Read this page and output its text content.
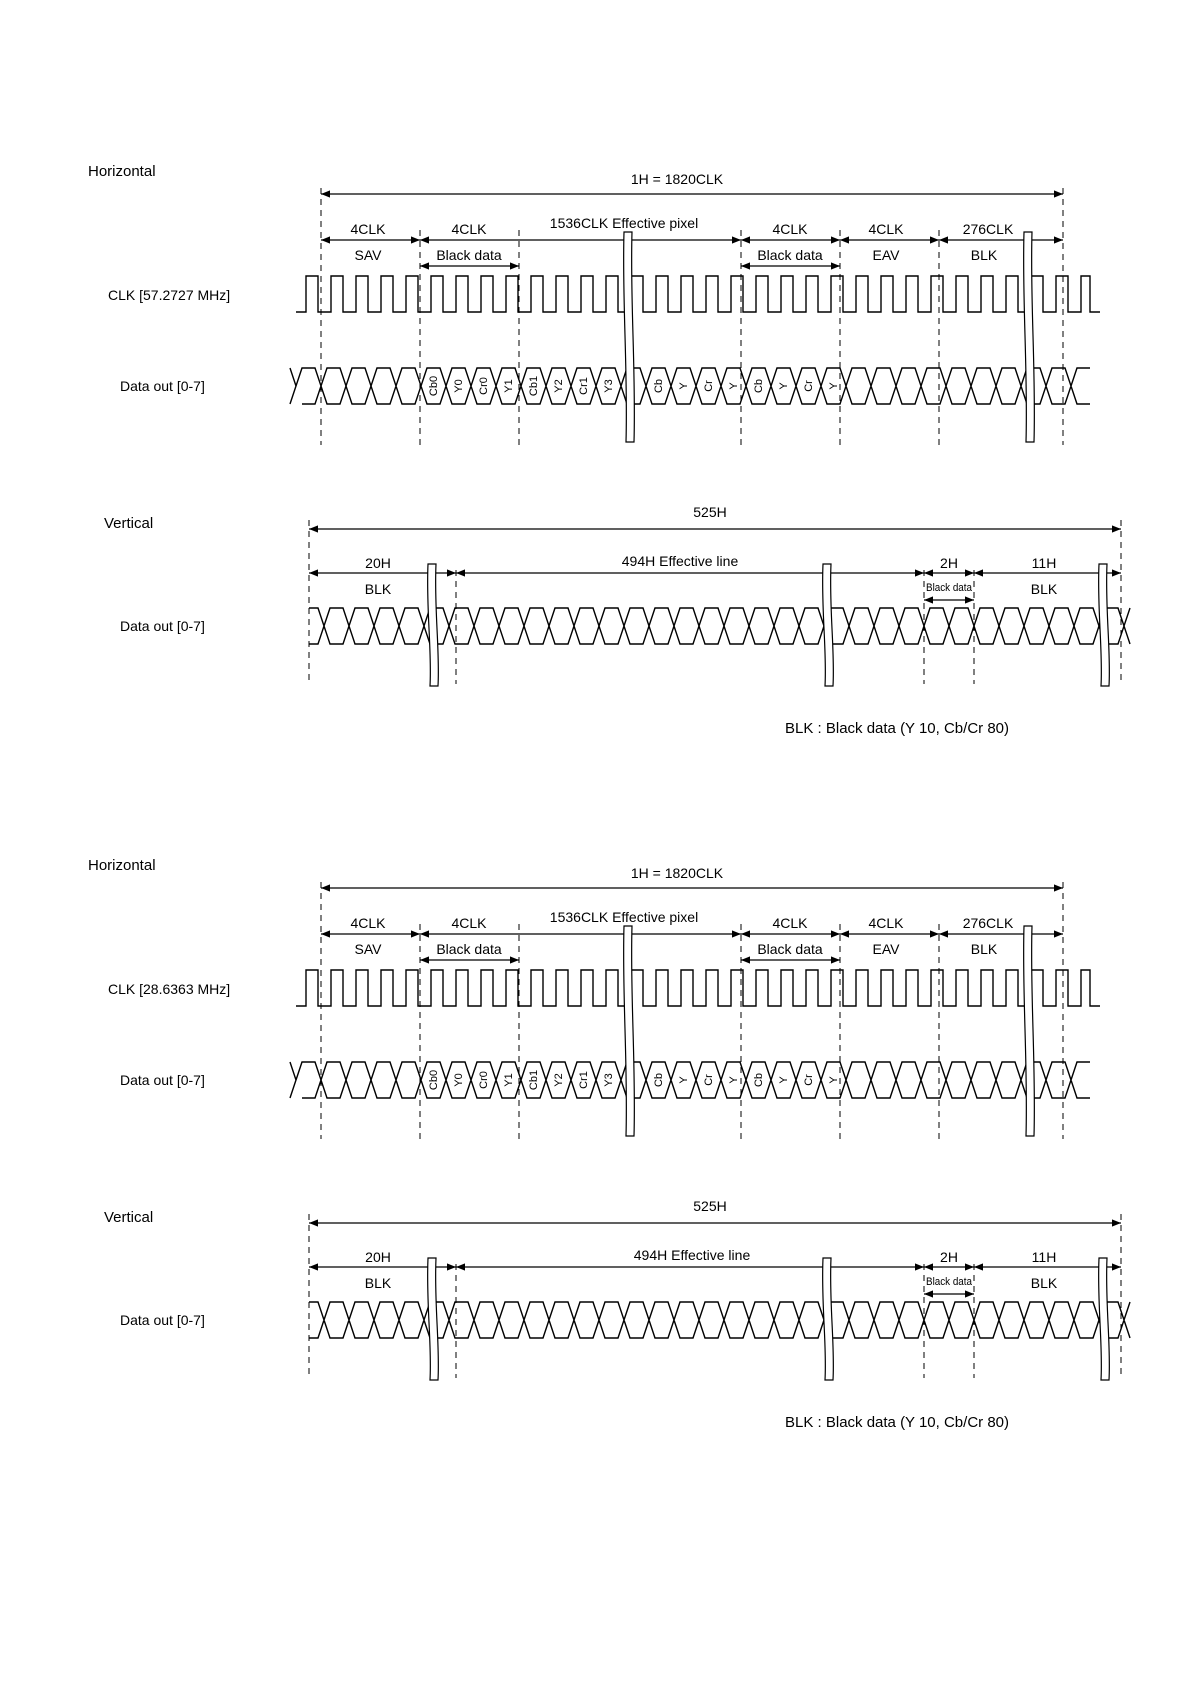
Horizontal	1H = 1820CLK
4CLK
SAV
4CLK
Black data
1536CLK Effective pixel	4CLK
Black data
4CLK
EAV
276CLK
BLK
CLK [57.2727 MHz]
Data out [0-7]	Cb0 Y0 Cr0 Y1 Cb1 Y2 Cr1 Y3	Cb Y Cr Y Cb Y Cr Y
Vertical
525H
20H
BLK
494H Effective line	2H
Black data
11H
BLK
Data out [0-7]
BLK : Black data (Y 10, Cb/Cr 80)
Horizontal	1H = 1820CLK
4CLK
SAV
4CLK
Black data
1536CLK Effective pixel	4CLK
Black data
4CLK
EAV
276CLK
BLK
CLK [28.6363 MHz]
Data out [0-7]	Cb0 Y0 Cr0 Y1 Cb1 Y2 Cr1 Y3	Cb Y Cr Y Cb Y Cr Y
Vertical
525H
20H
BLK
494H Effective line	2H
Black data
11H
BLK
Data out [0-7]
BLK : Black data (Y 10, Cb/Cr 80)
